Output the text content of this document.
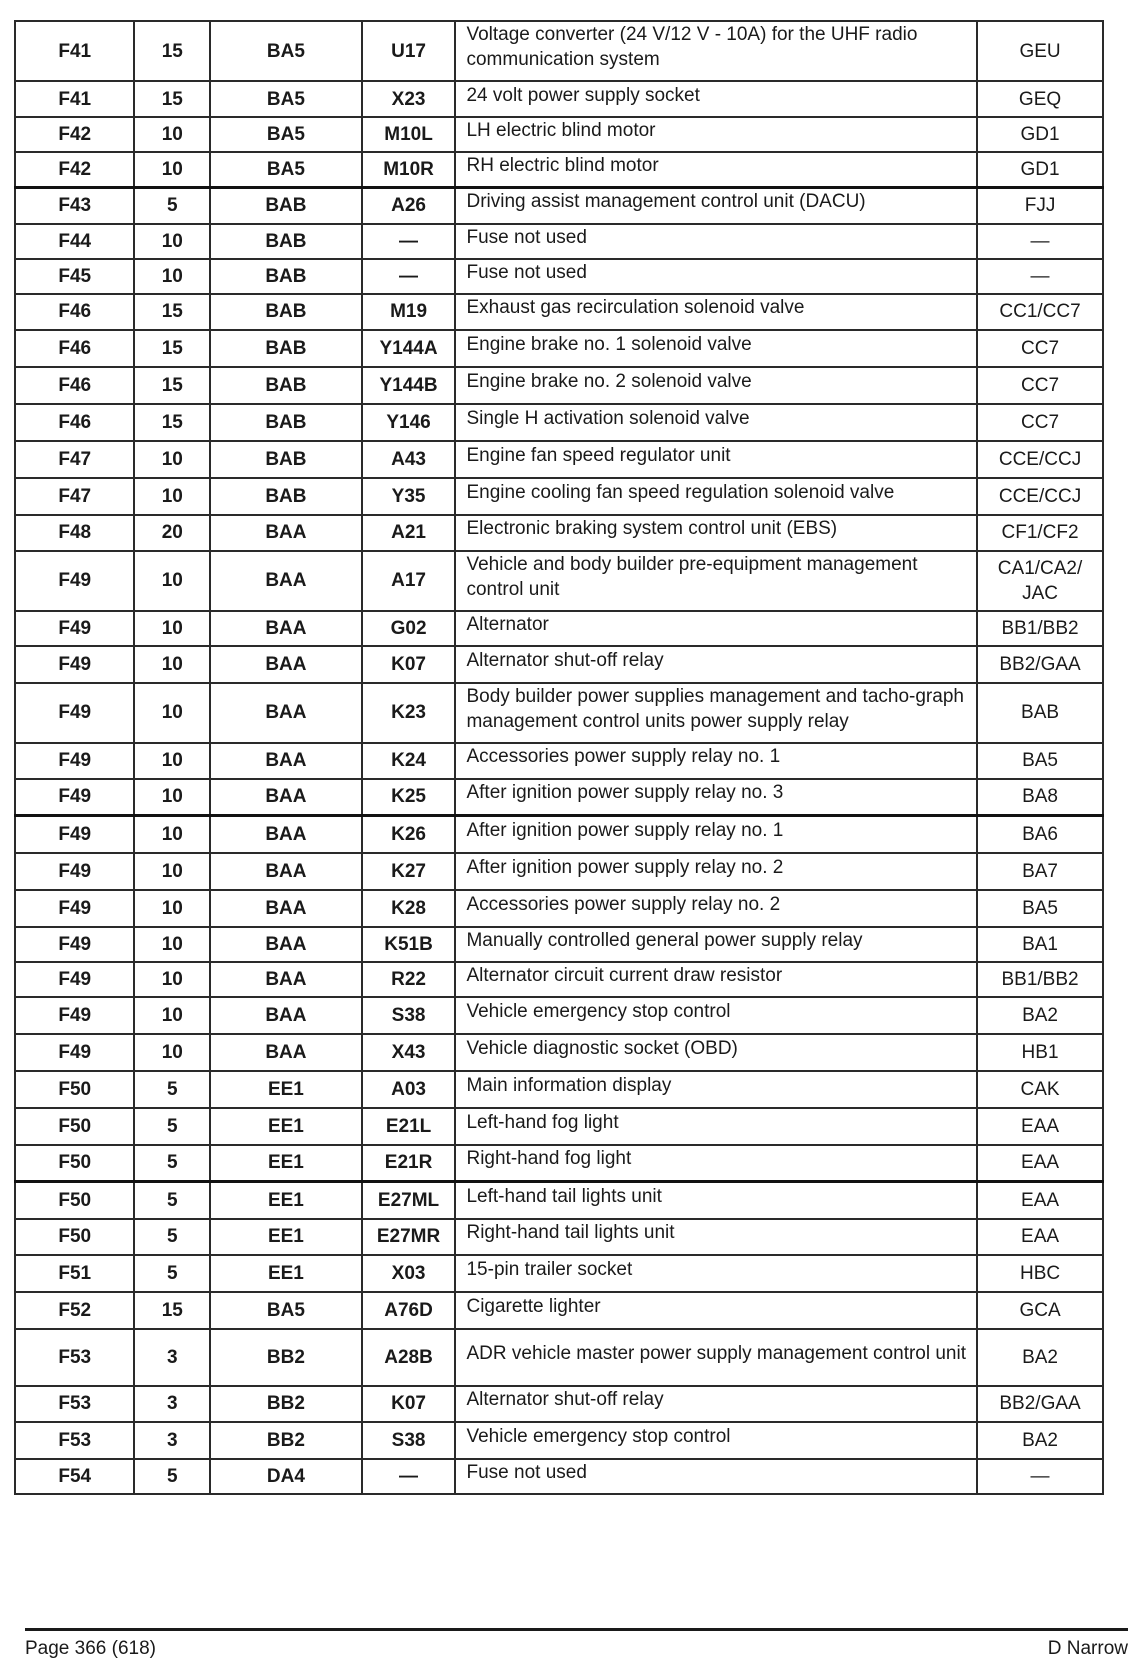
F41	15	BA5	U17	Voltage converter (24 V/12 V - 10A) for the UHF radio communication system	GEU
F41	15	BA5	X23	24 volt power supply socket	GEQ
F42	10	BA5	M10L	LH electric blind motor	GD1
F42	10	BA5	M10R	RH electric blind motor	GD1
F43	5	BAB	A26	Driving assist management control unit (DACU)	FJJ
F44	10	BAB	—	Fuse not used	—
F45	10	BAB	—	Fuse not used	—
F46	15	BAB	M19	Exhaust gas recirculation solenoid valve	CC1/CC7
F46	15	BAB	Y144A	Engine brake no. 1 solenoid valve	CC7
F46	15	BAB	Y144B	Engine brake no. 2 solenoid valve	CC7
F46	15	BAB	Y146	Single H activation solenoid valve	CC7
F47	10	BAB	A43	Engine fan speed regulator unit	CCE/CCJ
F47	10	BAB	Y35	Engine cooling fan speed regulation solenoid valve	CCE/CCJ
F48	20	BAA	A21	Electronic braking system control unit (EBS)	CF1/CF2
F49	10	BAA	A17	Vehicle and body builder pre-equipment management control unit	CA1/CA2/ JAC
F49	10	BAA	G02	Alternator	BB1/BB2
F49	10	BAA	K07	Alternator shut-off relay	BB2/GAA
F49	10	BAA	K23	Body builder power supplies management and tacho-graph management control units power supply relay	BAB
F49	10	BAA	K24	Accessories power supply relay no. 1	BA5
F49	10	BAA	K25	After ignition power supply relay no. 3	BA8
F49	10	BAA	K26	After ignition power supply relay no. 1	BA6
F49	10	BAA	K27	After ignition power supply relay no. 2	BA7
F49	10	BAA	K28	Accessories power supply relay no. 2	BA5
F49	10	BAA	K51B	Manually controlled general power supply relay	BA1
F49	10	BAA	R22	Alternator circuit current draw resistor	BB1/BB2
F49	10	BAA	S38	Vehicle emergency stop control	BA2
F49	10	BAA	X43	Vehicle diagnostic socket (OBD)	HB1
F50	5	EE1	A03	Main information display	CAK
F50	5	EE1	E21L	Left-hand fog light	EAA
F50	5	EE1	E21R	Right-hand fog light	EAA
F50	5	EE1	E27ML	Left-hand tail lights unit	EAA
F50	5	EE1	E27MR	Right-hand tail lights unit	EAA
F51	5	EE1	X03	15-pin trailer socket	HBC
F52	15	BA5	A76D	Cigarette lighter	GCA
F53	3	BB2	A28B	ADR vehicle master power supply management control unit	BA2
F53	3	BB2	K07	Alternator shut-off relay	BB2/GAA
F53	3	BB2	S38	Vehicle emergency stop control	BA2
F54	5	DA4	—	Fuse not used	—
Page 366 (618)	D Narrow
